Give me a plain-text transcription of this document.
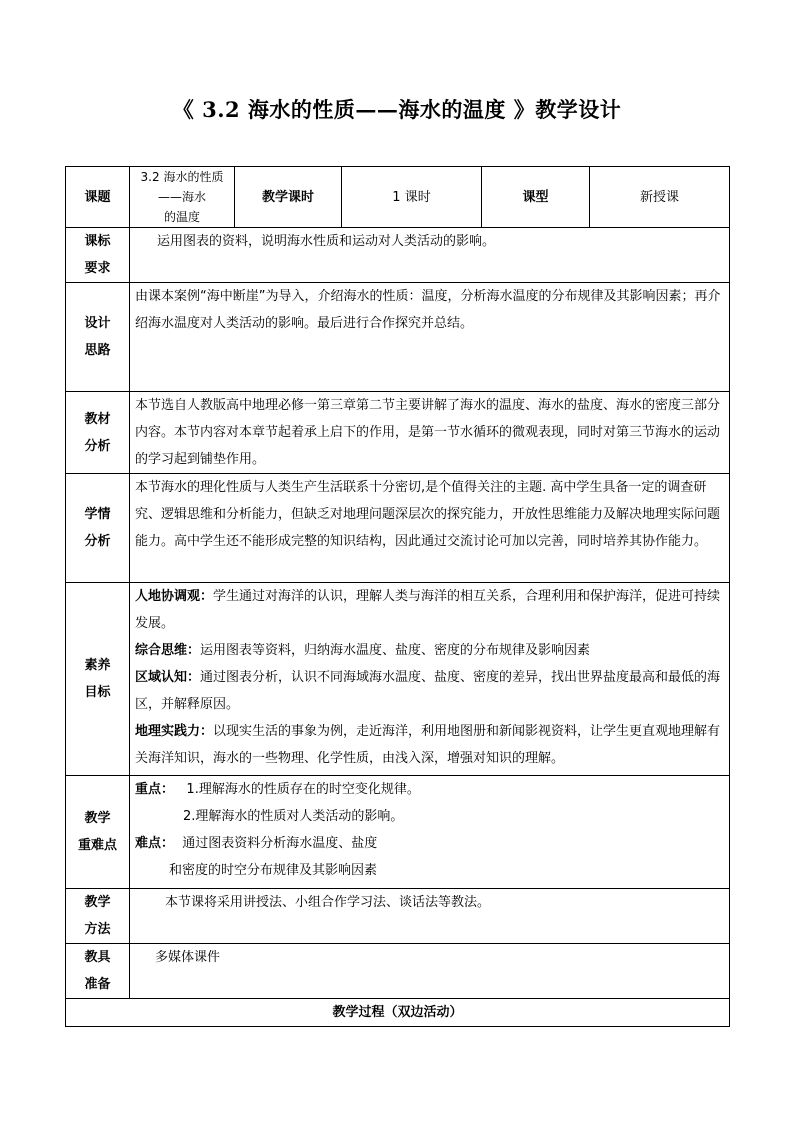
《 3.2 海水的性质——海水的温度 》教学设计
课题	3.2 海水的性质——海水
的温度	教学课时	1 课时	课型	新授课

课标
要求	运用图表的资料，说明海水性质和运动对人类活动的影响。				

设计
思路	由课本案例“海中断崖”为导入，介绍海水的性质：温度，分析海水温度的分布规律及其影响因素；再介绍海水温度对人类活动的影响。最后进行合作探究并总结。				

教材
分析	本节选自人教版高中地理必修一第三章第二节主要讲解了海水的温度、海水的盐度、海水的密度三部分内容。本节内容对本章节起着承上启下的作用，是第一节水循环的微观表现，同时对第三节海水的运动的学习起到铺垫作用。				

学情
分析	本节海水的理化性质与人类生产生活联系十分密切,是个值得关注的主题. 高中学生具备一定的调查研究、逻辑思维和分析能力，但缺乏对地理问题深层次的探究能力，开放性思维能力及解决地理实际问题能力。高中学生还不能形成完整的知识结构，因此通过交流讨论可加以完善，同时培养其协作能力。				

素养
目标	人地协调观：学生通过对海洋的认识，理解人类与海洋的相互关系，合理利用和保护海洋，促进可持续发展。
综合思维：运用图表等资料，归纳海水温度、盐度、密度的分布规律及影响因素
区域认知：通过图表分析，认识不同海域海水温度、盐度、密度的差异，找出世界盐度最高和最低的海区，并解释原因。
地理实践力：以现实生活的事象为例，走近海洋，利用地图册和新闻影视资料，让学生更直观地理解有关海洋知识，海水的一些物理、化学性质，由浅入深，增强对知识的理解。				

教学
重难点	重点： 1.理解海水的性质存在的时空变化规律。
2.理解海水的性质对人类活动的影响。
难点： 通过图表资料分析海水温度、盐度
和密度的时空分布规律及其影响因素				

教学
方法	本节课将采用讲授法、小组合作学习法、谈话法等教法。				

教具
准备	多媒体课件				

教学过程（双边活动）					
